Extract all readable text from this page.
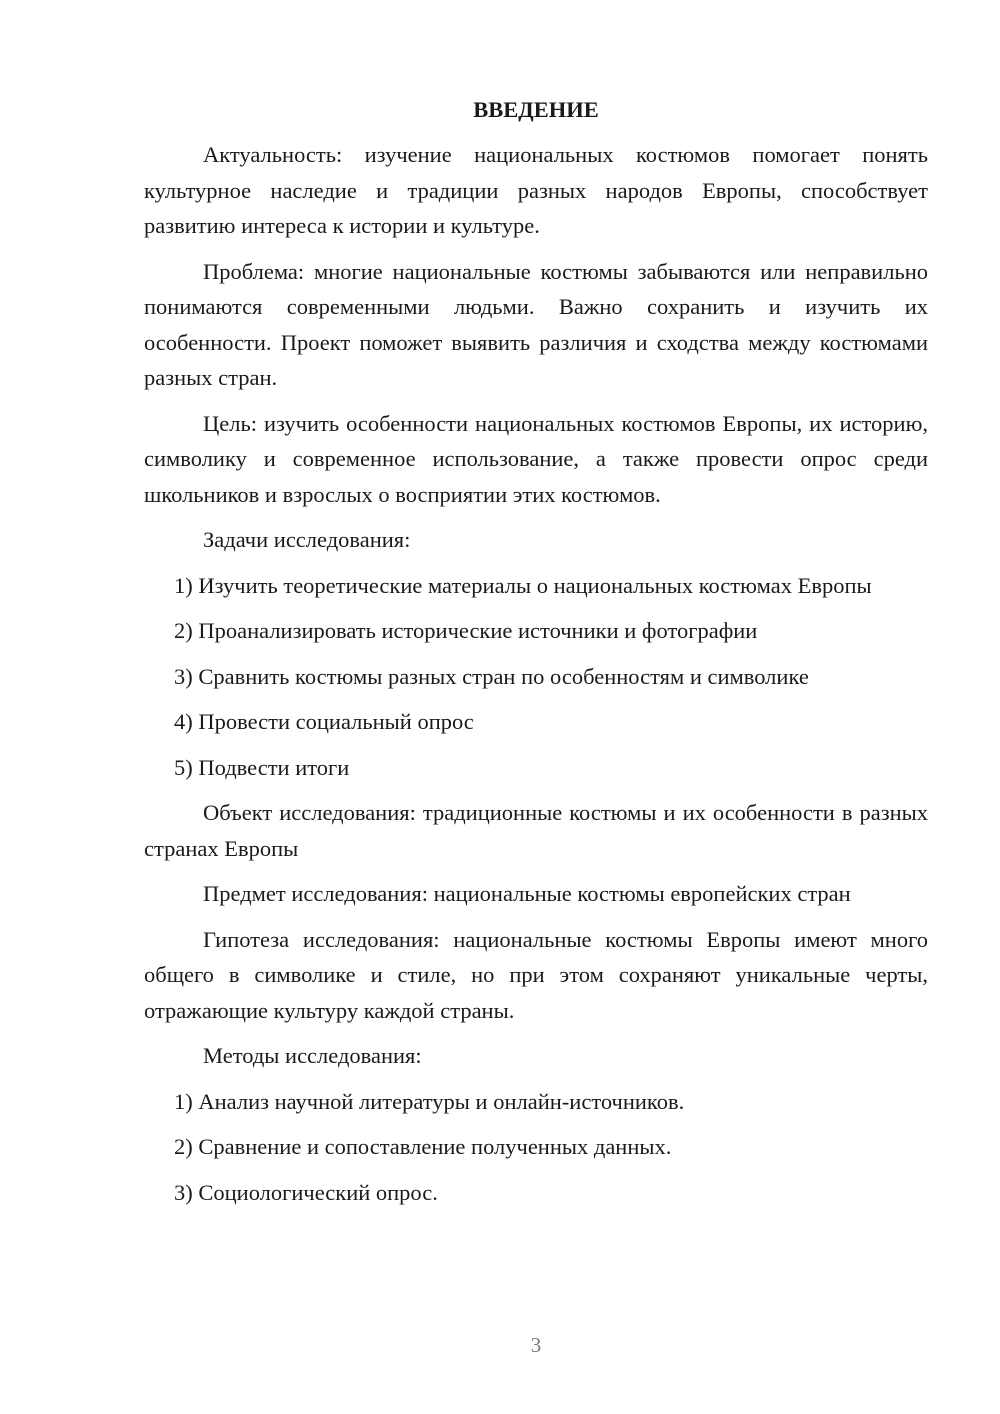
ВВЕДЕНИЕ

Актуальность: изучение национальных костюмов помогает понять культурное наследие и традиции разных народов Европы, способствует развитию интереса к истории и культуре.

Проблема: многие национальные костюмы забываются или неправильно понимаются современными людьми. Важно сохранить и изучить их особенности. Проект поможет выявить различия и сходства между костюмами разных стран.

Цель: изучить особенности национальных костюмов Европы, их историю, символику и современное использование, а также провести опрос среди школьников и взрослых о восприятии этих костюмов.

Задачи исследования:

1) Изучить теоретические материалы о национальных костюмах Европы

2) Проанализировать исторические источники и фотографии

3) Сравнить костюмы разных стран по особенностям и символике

4) Провести социальный опрос

5) Подвести итоги

Объект исследования: традиционные костюмы и их особенности в разных странах Европы

Предмет исследования: национальные костюмы европейских стран

Гипотеза исследования: национальные костюмы Европы имеют много общего в символике и стиле, но при этом сохраняют уникальные черты, отражающие культуру каждой страны.

Методы исследования:

1) Анализ научной литературы и онлайн-источников.

2) Сравнение и сопоставление полученных данных.

3) Социологический опрос.

3
